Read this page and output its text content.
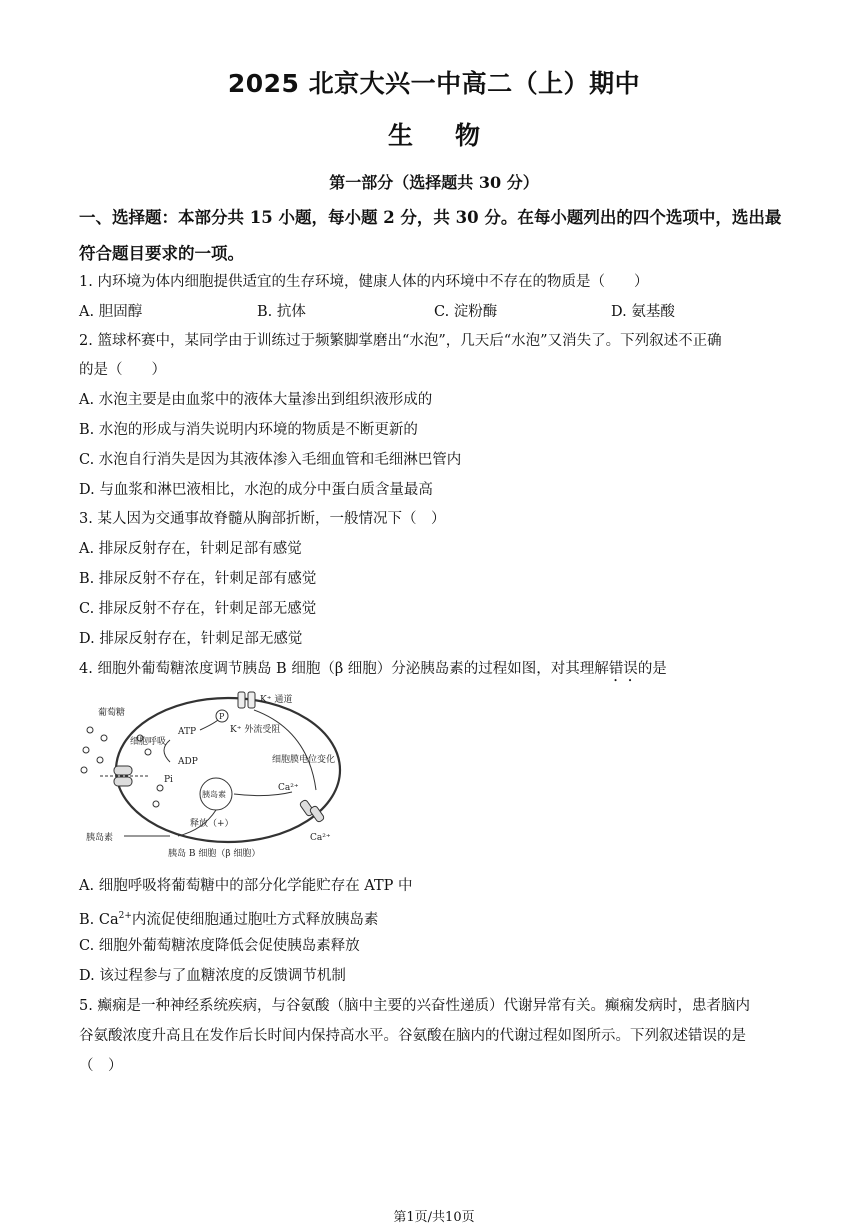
2025 北京大兴一中高二（上）期中
生物
第一部分（选择题共 30 分）
一、选择题：本部分共 15 小题，每小题 2 分，共 30 分。在每小题列出的四个选项中，选出最符合题目要求的一项。
1. 内环境为体内细胞提供适宜的生存环境，健康人体的内环境中不存在的物质是（　　）
A. 胆固醇	B. 抗体	C. 淀粉酶	D. 氨基酸
2. 篮球杯赛中，某同学由于训练过于频繁脚掌磨出“水泡”，几天后“水泡”又消失了。下列叙述不正确
的是（　　）
A. 水泡主要是由血浆中的液体大量渗出到组织液形成的
B. 水泡的形成与消失说明内环境的物质是不断更新的
C. 水泡自行消失是因为其液体渗入毛细血管和毛细淋巴管内
D. 与血浆和淋巴液相比，水泡的成分中蛋白质含量最高
3. 某人因为交通事故脊髓从胸部折断，一般情况下（　）
A. 排尿反射存在，针刺足部有感觉
B. 排尿反射不存在，针刺足部有感觉
C. 排尿反射不存在，针刺足部无感觉
D. 排尿反射存在，针刺足部无感觉
4. 细胞外葡萄糖浓度调节胰岛 B 细胞（β 细胞）分泌胰岛素的过程如图，对其理解错误的是
K⁺ 通道
P
葡萄糖
细胞呼吸
ATP
ADP
Pi
K⁺ 外流受阻
细胞膜电位变化
胰岛素
释放（+）
Ca²⁺
Ca²⁺
胰岛素
胰岛 B 细胞（β 细胞）
A. 细胞呼吸将葡萄糖中的部分化学能贮存在 ATP 中
B. $Ca^{2+}$内流促使细胞通过胞吐方式释放胰岛素
C. 细胞外葡萄糖浓度降低会促使胰岛素释放
D. 该过程参与了血糖浓度的反馈调节机制
5. 癫痫是一种神经系统疾病，与谷氨酸（脑中主要的兴奋性递质）代谢异常有关。癫痫发病时，患者脑内
谷氨酸浓度升高且在发作后长时间内保持高水平。谷氨酸在脑内的代谢过程如图所示。下列叙述错误的是
（　）
第1页/共10页
